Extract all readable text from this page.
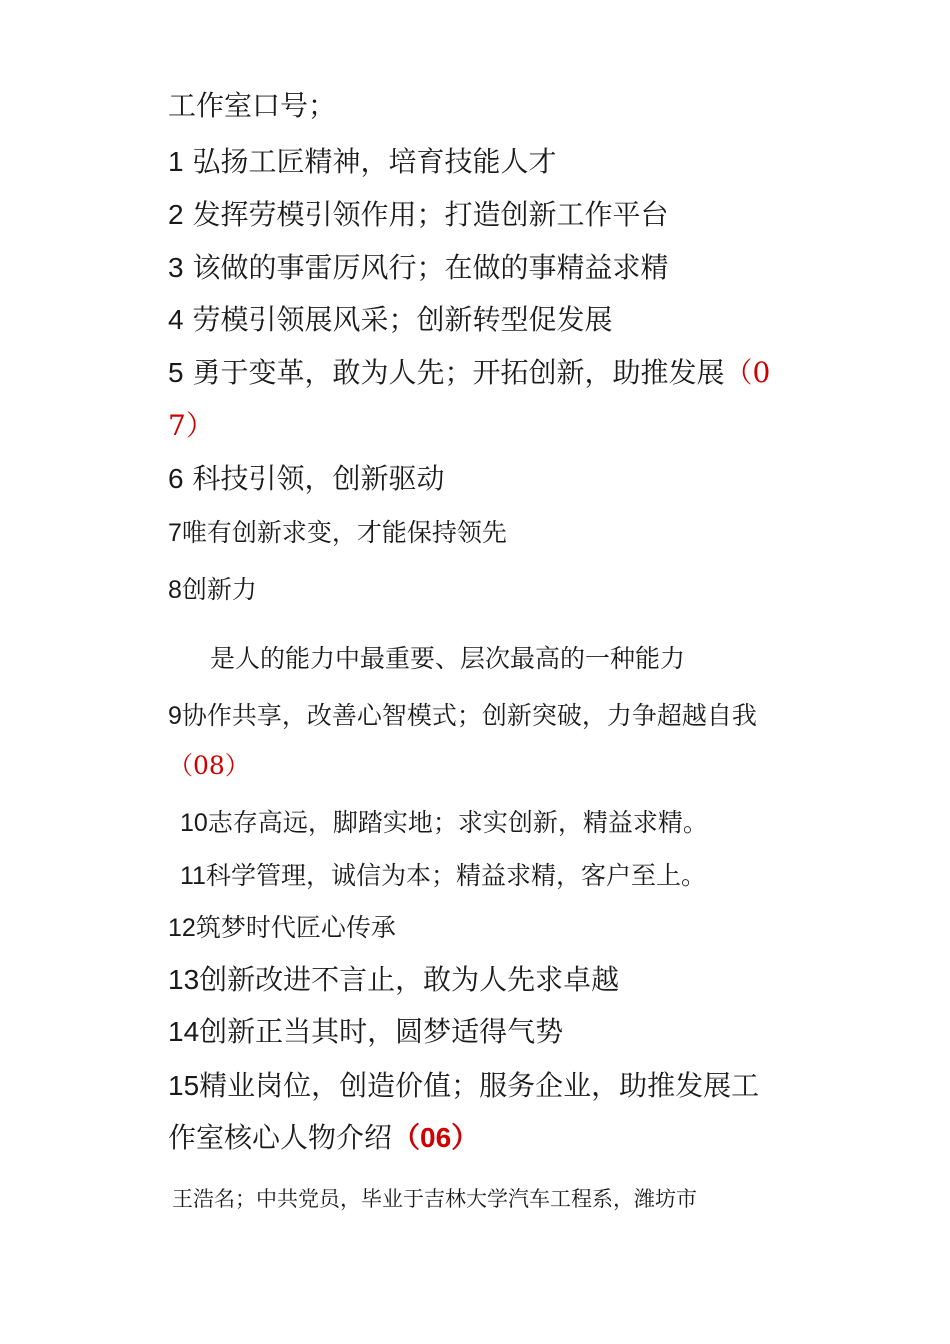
工作室口号；
1 弘扬工匠精神，培育技能人才
2 发挥劳模引领作用；打造创新工作平台
3 该做的事雷厉风行；在做的事精益求精
4 劳模引领展风采；创新转型促发展
5 勇于变革，敢为人先；开拓创新，助推发展（0
7）
6 科技引领，创新驱动
7唯有创新求变，才能保持领先
8创新力
是人的能力中最重要、层次最高的一种能力
9协作共享，改善心智模式；创新突破，力争超越自我
（08）
10志存高远，脚踏实地；求实创新，精益求精。
11科学管理，诚信为本；精益求精，客户至上。
12筑梦时代匠心传承
13创新改进不言止，敢为人先求卓越
14创新正当其时，圆梦适得气势
15精业岗位，创造价值；服务企业，助推发展工
作室核心人物介绍（06）
王浩名；中共党员，毕业于吉林大学汽车工程系，潍坊市
